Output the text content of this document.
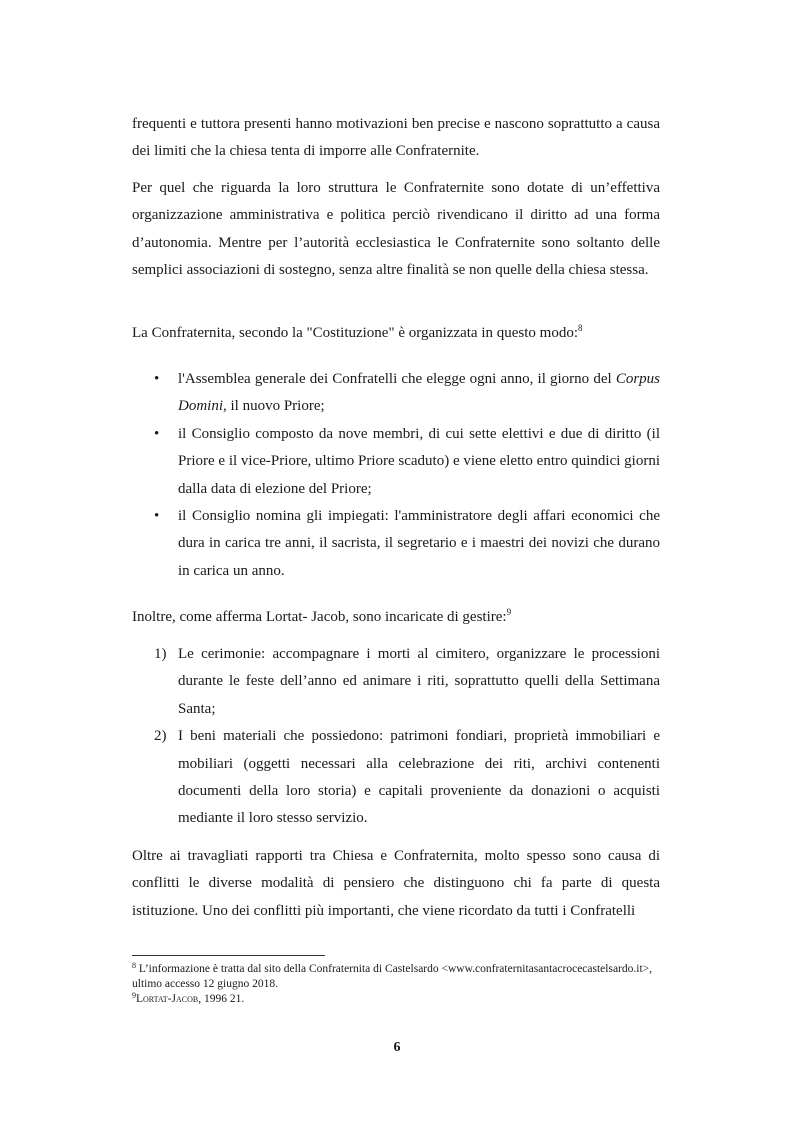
frequenti e tuttora presenti hanno motivazioni ben precise e nascono soprattutto a causa dei limiti che la chiesa tenta di imporre alle Confraternite.

Per quel che riguarda la loro struttura le Confraternite sono dotate di un’effettiva organizzazione amministrativa e politica perciò rivendicano il diritto ad una forma d’autonomia. Mentre per l’autorità ecclesiastica le Confraternite sono soltanto delle semplici associazioni di sostegno, senza altre finalità se non quelle della chiesa stessa.

La Confraternita, secondo la "Costituzione" è organizzata in questo modo:$^8$

• l'Assemblea generale dei Confratelli che elegge ogni anno, il giorno del Corpus Domini, il nuovo Priore;
• il Consiglio composto da nove membri, di cui sette elettivi e due di diritto (il Priore e il vice-Priore, ultimo Priore scaduto) e viene eletto entro quindici giorni dalla data di elezione del Priore;
• il Consiglio nomina gli impiegati: l'amministratore degli affari economici che dura in carica tre anni, il sacrista, il segretario e i maestri dei novizi che durano in carica un anno.

Inoltre, come afferma Lortat- Jacob, sono incaricate di gestire:$^9$

1) Le cerimonie: accompagnare i morti al cimitero, organizzare le processioni durante le feste dell’anno ed animare i riti, soprattutto quelli della Settimana Santa;
2) I beni materiali che possiedono: patrimoni fondiari, proprietà immobiliari e mobiliari (oggetti necessari alla celebrazione dei riti, archivi contenenti documenti della loro storia) e capitali proveniente da donazioni o acquisti mediante il loro stesso servizio.

Oltre ai travagliati rapporti tra Chiesa e Confraternita, molto spesso sono causa di conflitti le diverse modalità di pensiero che distinguono chi fa parte di questa istituzione. Uno dei conflitti più importanti, che viene ricordato da tutti i Confratelli

$^8$ L’informazione è tratta dal sito della Confraternita di Castelsardo <www.confraternitasantacrocecastelsardo.it>, ultimo accesso 12 giugno 2018.
$^9$Lortat-Jacob, 1996 21.
6
